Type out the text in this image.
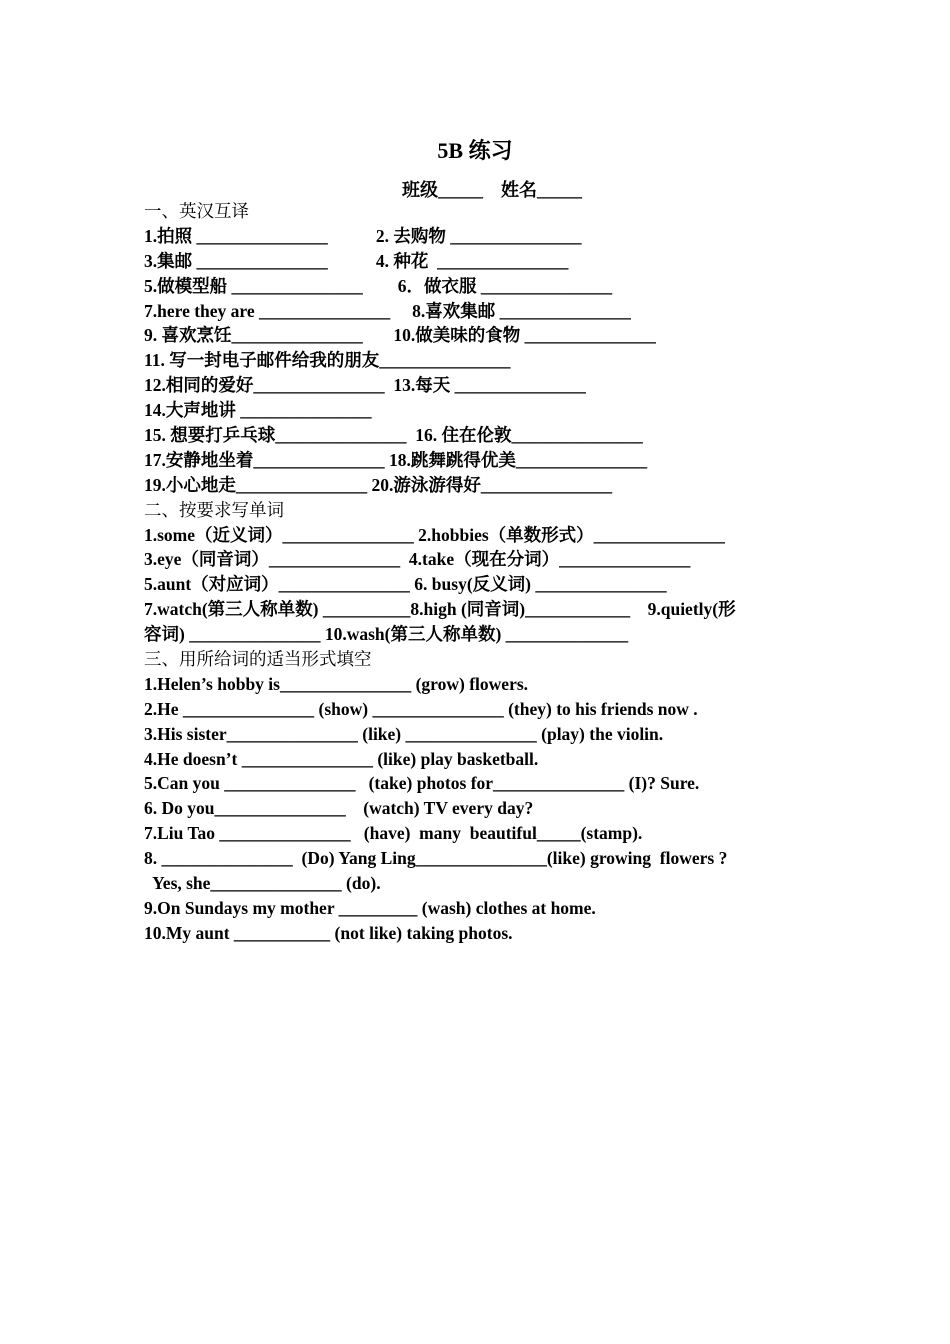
5B 练习
班级_____    姓名_____
一、英汉互译
1.拍照 _______________           2. 去购物 _______________
3.集邮 _______________           4. 种花  _______________
5.做模型船 _______________        6．做衣服 _______________
7.here they are _______________     8.喜欢集邮 _______________
9. 喜欢烹饪_______________       10.做美味的食物 _______________
11. 写一封电子邮件给我的朋友_______________
12.相同的爱好_______________  13.每天 _______________
14.大声地讲 _______________
15. 想要打乒乓球_______________  16. 住在伦敦_______________
17.安静地坐着_______________ 18.跳舞跳得优美_______________
19.小心地走_______________ 20.游泳游得好_______________
二、按要求写单词
1.some（近义词）_______________ 2.hobbies（单数形式）_______________
3.eye（同音词）_______________  4.take（现在分词）_______________
5.aunt（对应词）_______________ 6. busy(反义词) _______________
7.watch(第三人称单数) __________8.high (同音词)____________    9.quietly(形
容词) _______________ 10.wash(第三人称单数) ______________
三、用所给词的适当形式填空
1.Helen’s hobby is_______________ (grow) flowers.
2.He _______________ (show) _______________ (they) to his friends now .
3.His sister_______________ (like) _______________ (play) the violin.
4.He doesn’t _______________ (like) play basketball.
5.Can you _______________   (take) photos for_______________ (I)? Sure.
6. Do you_______________    (watch) TV every day?
7.Liu Tao _______________   (have)  many  beautiful_____(stamp).
8. _______________  (Do) Yang Ling_______________(like) growing  flowers ?
Yes, she_______________ (do).
9.On Sundays my mother _________ (wash) clothes at home.
10.My aunt ___________ (not like) taking photos.
